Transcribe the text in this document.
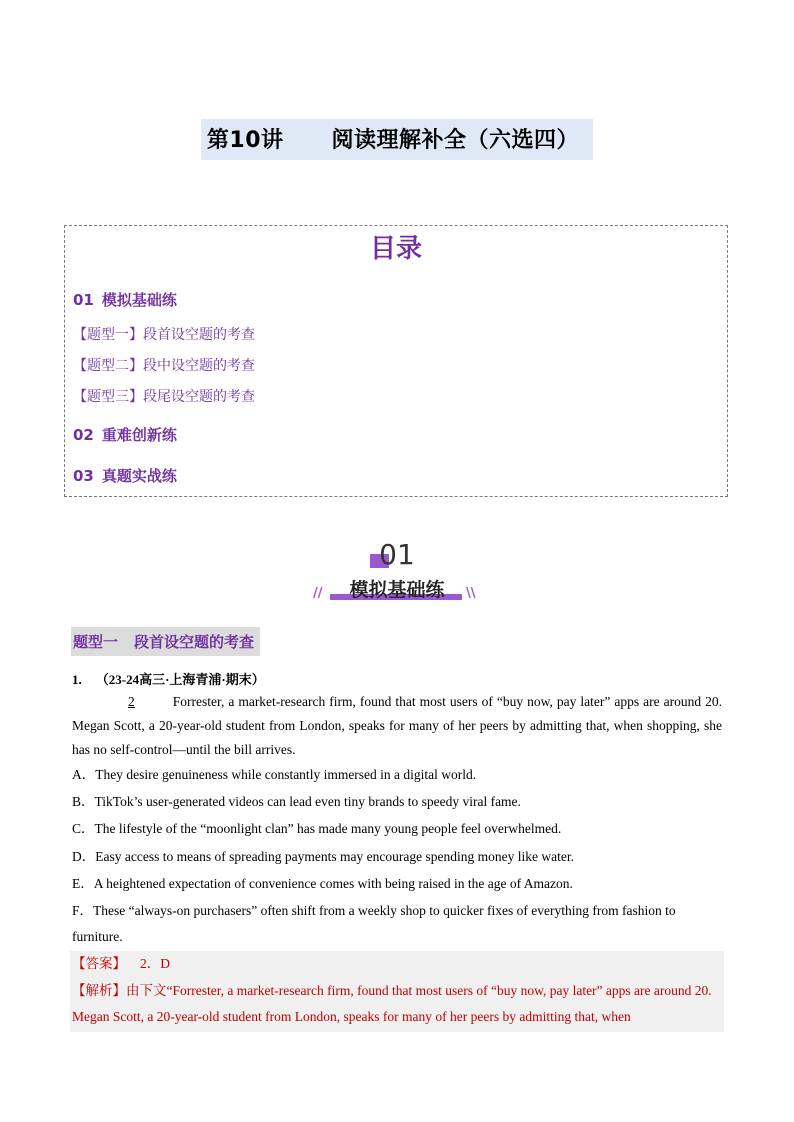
第10讲 阅读理解补全（六选四）
目录
01 模拟基础练
【题型一】段首设空题的考查
【题型二】段中设空题的考查
【题型三】段尾设空题的考查
02 重难创新练
03 真题实战练
01
//	模拟基础练	\\
题型一 段首设空题的考查
1. （23-24高三·上海青浦·期末）
2	Forrester, a market-research firm, found that most users of “buy now, pay later” apps are around 20. Megan Scott, a 20-year-old student from London, speaks for many of her peers by admitting that, when shopping, she has no self-control—until the bill arrives.
A．They desire genuineness while constantly immersed in a digital world.
B．TikTok’s user-generated videos can lead even tiny brands to speedy viral fame.
C．The lifestyle of the “moonlight clan” has made many young people feel overwhelmed.
D．Easy access to means of spreading payments may encourage spending money like water.
E．A heightened expectation of convenience comes with being raised in the age of Amazon.
F．These “always-on purchasers” often shift from a weekly shop to quicker fixes of everything from fashion to furniture.
【答案】 2．D
【解析】由下文“Forrester, a market-research firm, found that most users of “buy now, pay later” apps are around 20. Megan Scott, a 20-year-old student from London, speaks for many of her peers by admitting that, when
